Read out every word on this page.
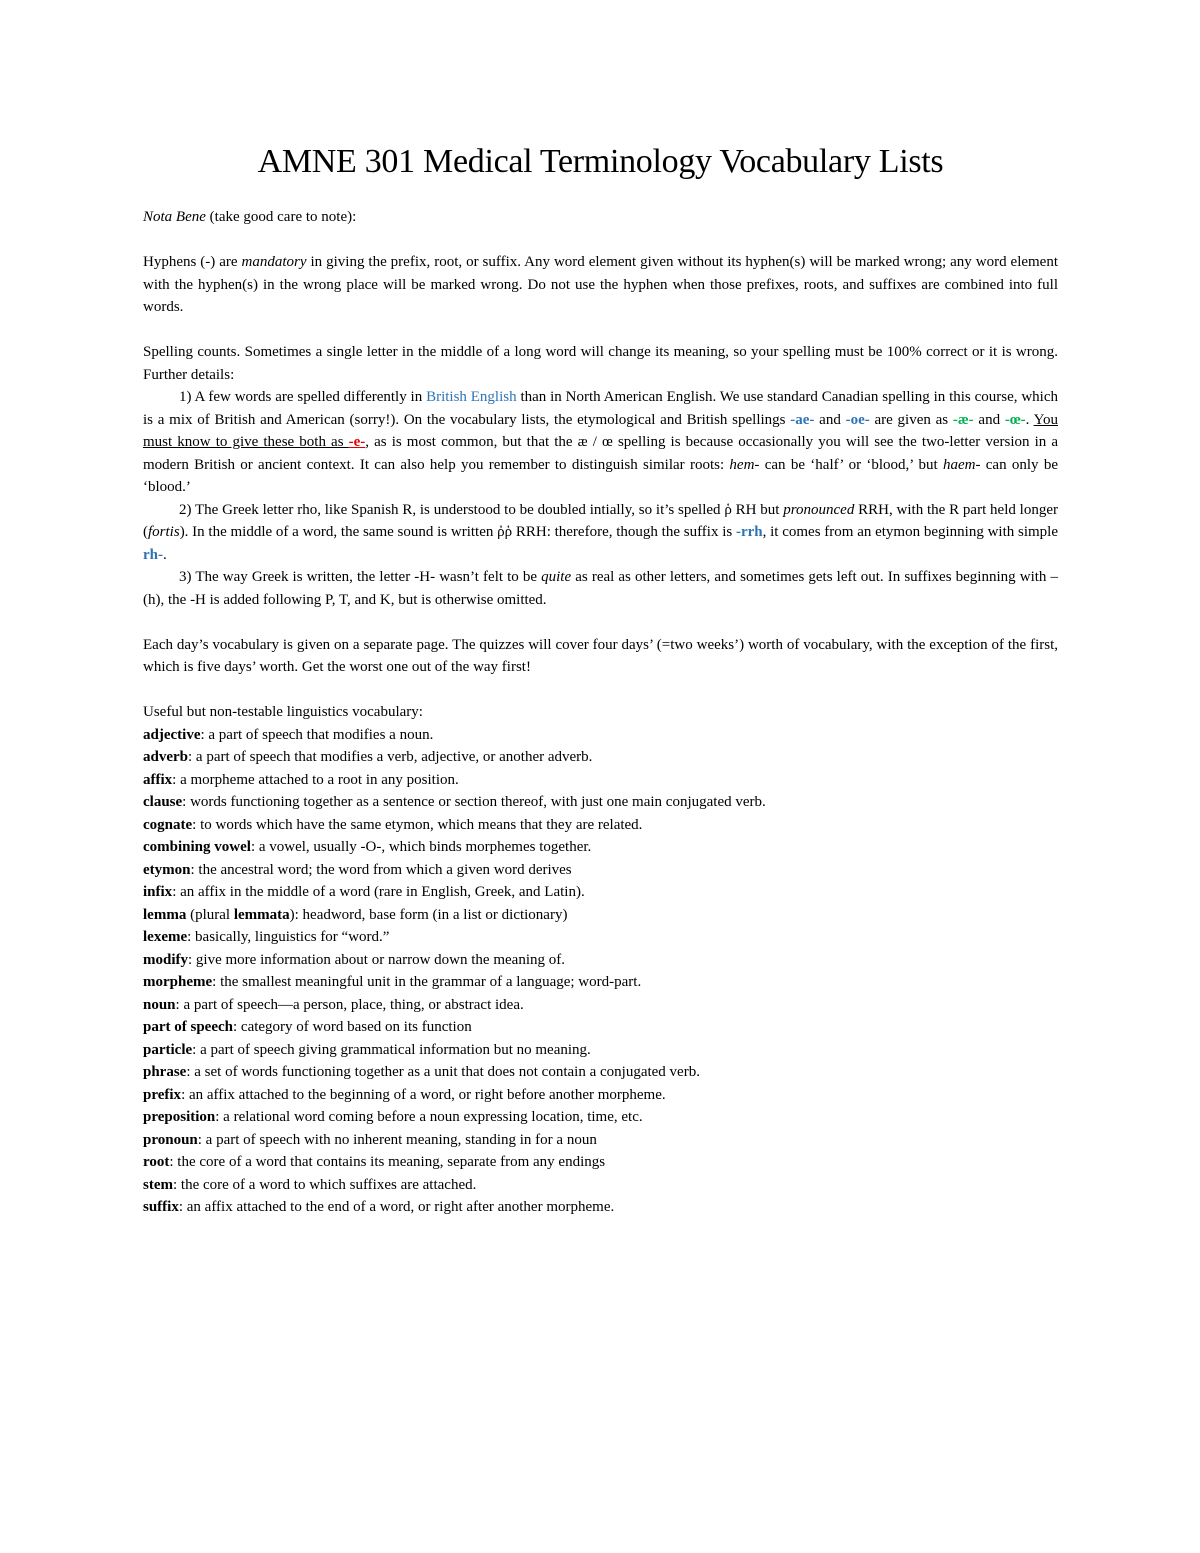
AMNE 301 Medical Terminology Vocabulary Lists

Nota Bene (take good care to note):

Hyphens (-) are mandatory in giving the prefix, root, or suffix. Any word element given without its hyphen(s) will be marked wrong; any word element with the hyphen(s) in the wrong place will be marked wrong. Do not use the hyphen when those prefixes, roots, and suffixes are combined into full words.

Spelling counts. Sometimes a single letter in the middle of a long word will change its meaning, so your spelling must be 100% correct or it is wrong. Further details:

1) A few words are spelled differently in British English than in North American English. We use standard Canadian spelling in this course, which is a mix of British and American (sorry!). On the vocabulary lists, the etymological and British spellings -ae- and -oe- are given as -æ- and -œ-. You must know to give these both as -e-, as is most common, but that the æ / œ spelling is because occasionally you will see the two-letter version in a modern British or ancient context. It can also help you remember to distinguish similar roots: hem- can be ‘half’ or ‘blood,’ but haem- can only be ‘blood.’

2) The Greek letter rho, like Spanish R, is understood to be doubled intially, so it’s spelled ῥ RH but pronounced RRH, with the R part held longer (fortis). In the middle of a word, the same sound is written ῤῥ RRH: therefore, though the suffix is -rrh, it comes from an etymon beginning with simple rh-.

3) The way Greek is written, the letter -H- wasn’t felt to be quite as real as other letters, and sometimes gets left out. In suffixes beginning with –(h), the -H is added following P, T, and K, but is otherwise omitted.

Each day’s vocabulary is given on a separate page. The quizzes will cover four days’ (=two weeks’) worth of vocabulary, with the exception of the first, which is five days’ worth. Get the worst one out of the way first!

Useful but non-testable linguistics vocabulary:

adjective: a part of speech that modifies a noun.

adverb: a part of speech that modifies a verb, adjective, or another adverb.

affix: a morpheme attached to a root in any position.

clause: words functioning together as a sentence or section thereof, with just one main conjugated verb.

cognate: to words which have the same etymon, which means that they are related.

combining vowel: a vowel, usually -O-, which binds morphemes together.

etymon: the ancestral word; the word from which a given word derives

infix: an affix in the middle of a word (rare in English, Greek, and Latin).

lemma (plural lemmata): headword, base form (in a list or dictionary)

lexeme: basically, linguistics for “word.”

modify: give more information about or narrow down the meaning of.

morpheme: the smallest meaningful unit in the grammar of a language; word-part.

noun: a part of speech—a person, place, thing, or abstract idea.

part of speech: category of word based on its function

particle: a part of speech giving grammatical information but no meaning.

phrase: a set of words functioning together as a unit that does not contain a conjugated verb.

prefix: an affix attached to the beginning of a word, or right before another morpheme.

preposition: a relational word coming before a noun expressing location, time, etc.

pronoun: a part of speech with no inherent meaning, standing in for a noun

root: the core of a word that contains its meaning, separate from any endings

stem: the core of a word to which suffixes are attached.

suffix: an affix attached to the end of a word, or right after another morpheme.
